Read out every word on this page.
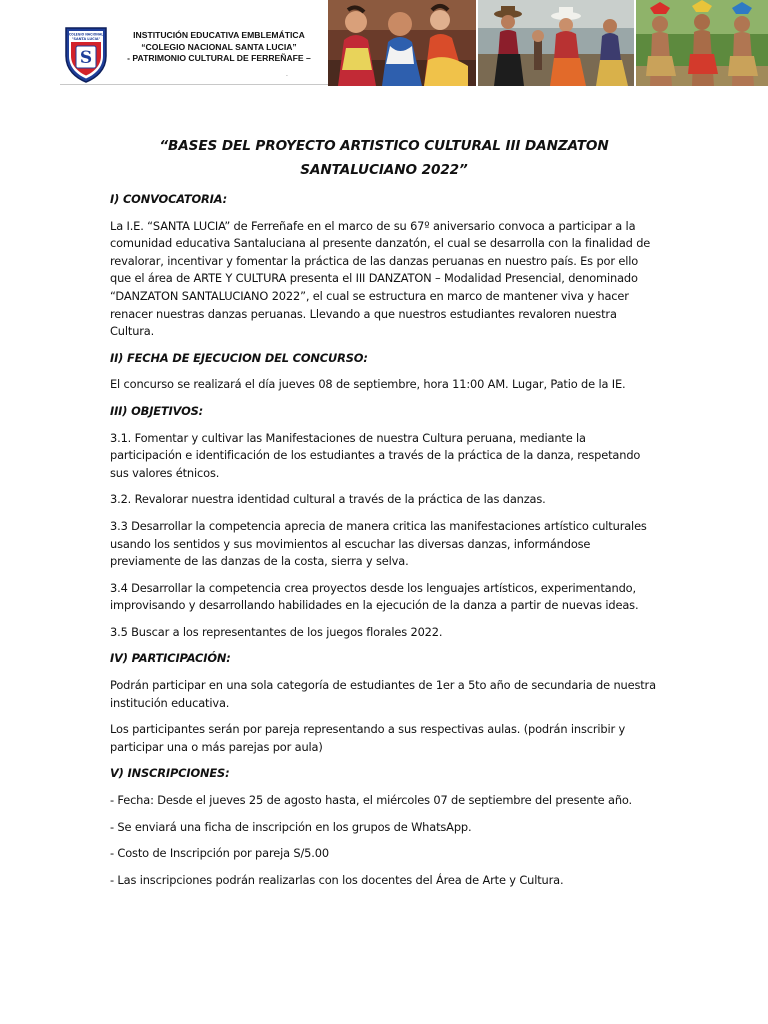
S
COLEGIO NACIONAL
"SANTA LUCIA"	INSTITUCIÓN EDUCATIVA EMBLEMÁTICA
“COLEGIO NACIONAL SANTA LUCIA”
- PATRIMONIO CULTURAL DE FERREÑAFE –
-
“BASES DEL PROYECTO ARTISTICO CULTURAL III DANZATON
SANTALUCIANO 2022”
I) CONVOCATORIA:
La I.E. “SANTA LUCIA” de Ferreñafe en el marco de su 67º aniversario convoca a participar a la comunidad educativa Santaluciana al presente danzatón, el cual se desarrolla con la finalidad de revalorar, incentivar y fomentar la práctica de las danzas peruanas en nuestro país. Es por ello que el área de ARTE Y CULTURA presenta el III DANZATON – Modalidad Presencial, denominado “DANZATON SANTALUCIANO 2022”, el cual se estructura en marco de mantener viva y hacer renacer nuestras danzas peruanas. Llevando a que nuestros estudiantes revaloren nuestra Cultura.
II) FECHA DE EJECUCION DEL CONCURSO:
El concurso se realizará el día jueves 08 de septiembre, hora 11:00 AM. Lugar, Patio de la IE.
III) OBJETIVOS:
3.1. Fomentar y cultivar las Manifestaciones de nuestra Cultura peruana, mediante la participación e identificación de los estudiantes a través de la práctica de la danza, respetando sus valores étnicos.
3.2. Revalorar nuestra identidad cultural a través de la práctica de las danzas.
3.3 Desarrollar la competencia aprecia de manera critica las manifestaciones artístico culturales usando los sentidos y sus movimientos al escuchar las diversas danzas, informándose previamente de las danzas de la costa, sierra y selva.
3.4 Desarrollar la competencia crea proyectos desde los lenguajes artísticos, experimentando, improvisando y desarrollando habilidades en la ejecución de la danza a partir de nuevas ideas.
3.5 Buscar a los representantes de los juegos florales 2022.
IV) PARTICIPACIÓN:
Podrán participar en una sola categoría de estudiantes de 1er a 5to año de secundaria de nuestra institución educativa.
Los participantes serán por pareja representando a sus respectivas aulas. (podrán inscribir y participar una o más parejas por aula)
V) INSCRIPCIONES:
- Fecha: Desde el jueves 25 de agosto hasta, el miércoles 07 de septiembre del presente año.
- Se enviará una ficha de inscripción en los grupos de WhatsApp.
- Costo de Inscripción por pareja S/5.00
- Las inscripciones podrán realizarlas con los docentes del Área de Arte y Cultura.
